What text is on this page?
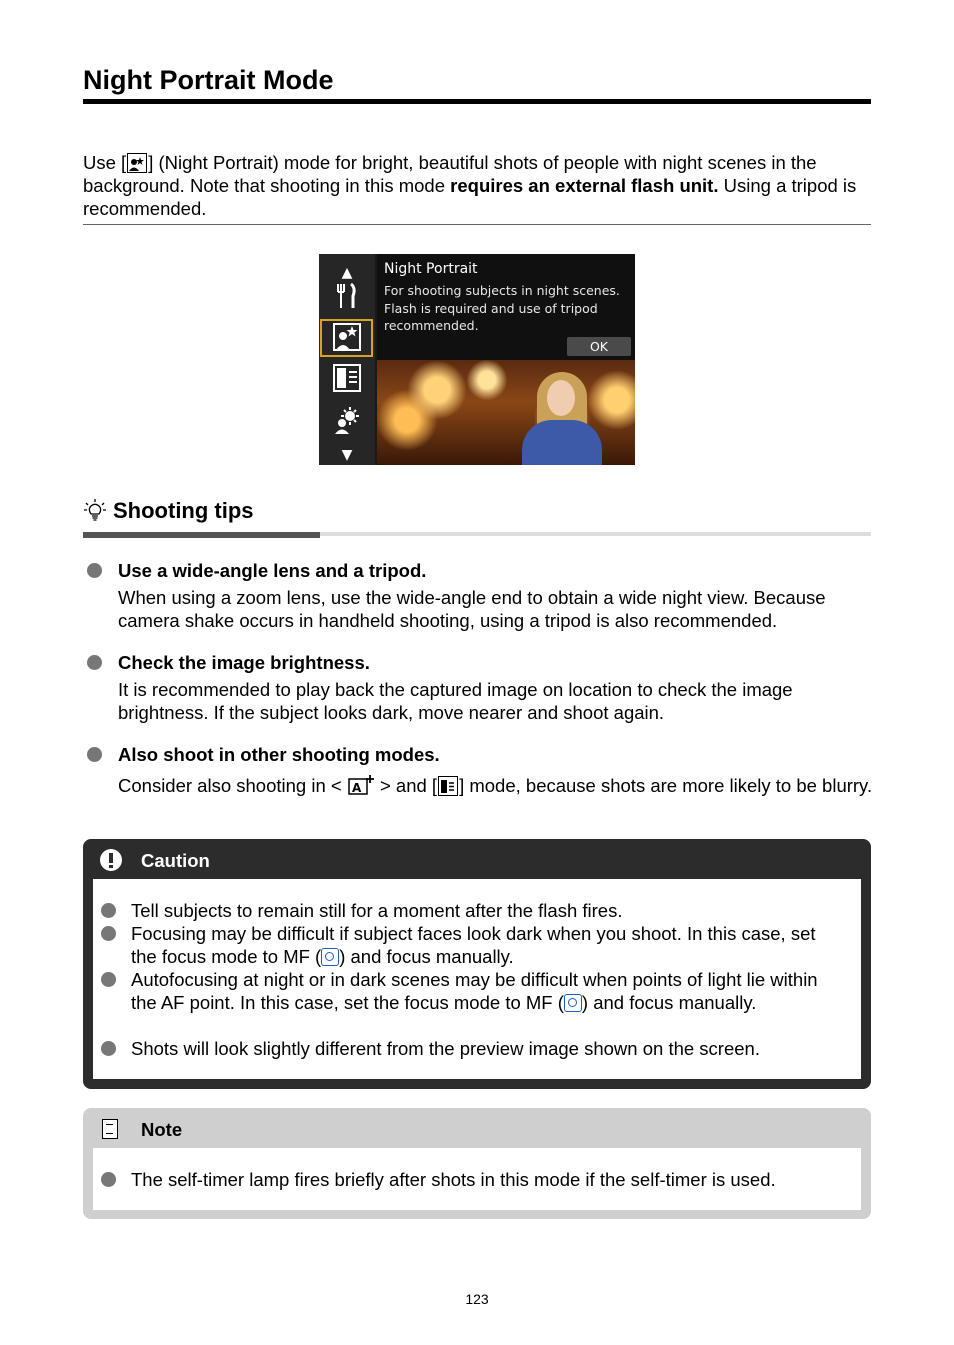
Night Portrait Mode
Use [ ] (Night Portrait) mode for bright, beautiful shots of people with night scenes in the background. Note that shooting in this mode requires an external flash unit. Using a tripod is recommended.
▲
▼
Night Portrait
For shooting subjects in night scenes. Flash is required and use of tripod recommended.
OK
Shooting tips
Use a wide-angle lens and a tripod.
When using a zoom lens, use the wide-angle end to obtain a wide night view. Because camera shake occurs in handheld shooting, using a tripod is also recommended.
Check the image brightness.
It is recommended to play back the captured image on location to check the image brightness. If the subject looks dark, move nearer and shoot again.
Also shoot in other shooting modes.
Consider also shooting in < A > and [ ] mode, because shots are more likely to be blurry.
Caution
Tell subjects to remain still for a moment after the flash fires.
Focusing may be difficult if subject faces look dark when you shoot. In this case, set the focus mode to MF ( ) and focus manually.
Autofocusing at night or in dark scenes may be difficult when points of light lie within the AF point. In this case, set the focus mode to MF ( ) and focus manually.
Shots will look slightly different from the preview image shown on the screen.
Note
The self-timer lamp fires briefly after shots in this mode if the self-timer is used.
123
